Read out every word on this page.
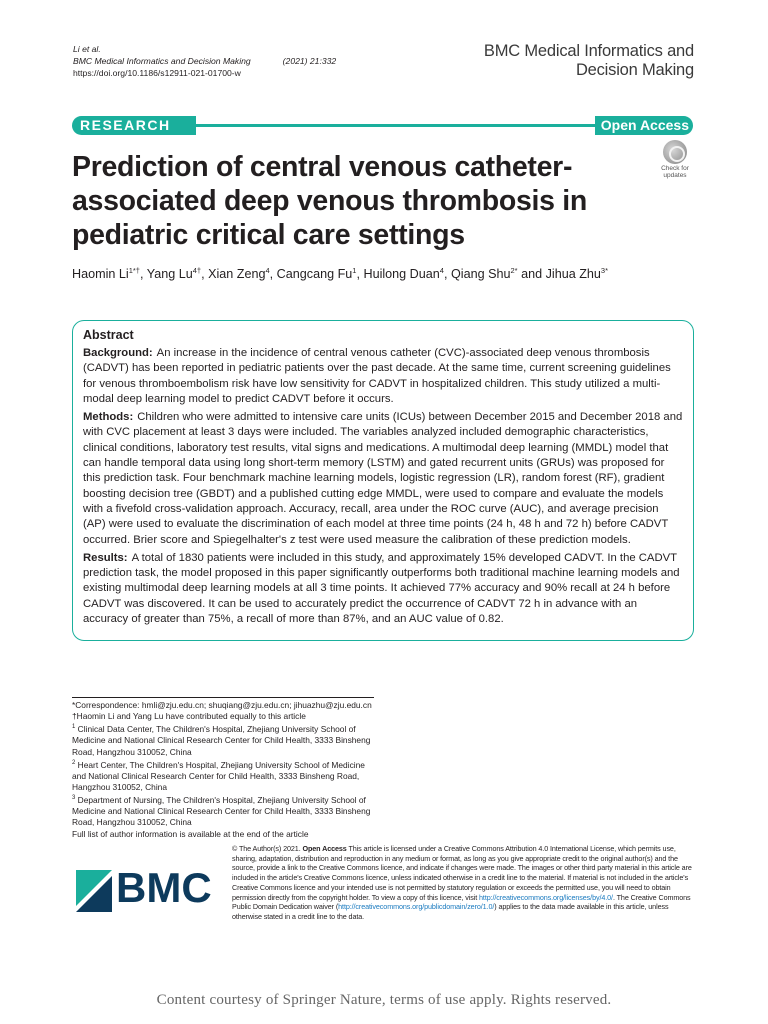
Li et al.
BMC Medical Informatics and Decision Making	(2021) 21:332
https://doi.org/10.1186/s12911-021-01700-w
BMC Medical Informatics and
Decision Making
RESEARCH	Open Access
Prediction of central venous catheter-associated deep venous thrombosis in pediatric critical care settings
Check for
updates
Haomin $Li^{1*\dagger}$, Yang $Lu^{4\dagger}$, Xian Zeng$^4$, Cangcang Fu$^1$, Huilong Duan$^4$, Qiang Shu$^{2*}$ and Jihua Zhu$^{3*}$
Abstract

Background: An increase in the incidence of central venous catheter (CVC)-associated deep venous thrombosis (CADVT) has been reported in pediatric patients over the past decade. At the same time, current screening guidelines for venous thromboembolism risk have low sensitivity for CADVT in hospitalized children. This study utilized a multi-modal deep learning model to predict CADVT before it occurs.

Methods: Children who were admitted to intensive care units (ICUs) between December 2015 and December 2018 and with CVC placement at least 3 days were included. The variables analyzed included demographic characteristics, clinical conditions, laboratory test results, vital signs and medications. A multimodal deep learning (MMDL) model that can handle temporal data using long short-term memory (LSTM) and gated recurrent units (GRUs) was proposed for this prediction task. Four benchmark machine learning models, logistic regression (LR), random forest (RF), gradient boosting decision tree (GBDT) and a published cutting edge MMDL, were used to compare and evaluate the models with a fivefold cross-validation approach. Accuracy, recall, area under the ROC curve (AUC), and average precision (AP) were used to evaluate the discrimination of each model at three time points (24 h, 48 h and 72 h) before CADVT occurred. Brier score and Spiegelhalter's z test were used measure the calibration of these prediction models.

Results: A total of 1830 patients were included in this study, and approximately 15% developed CADVT. In the CADVT prediction task, the model proposed in this paper significantly outperforms both traditional machine learning models and existing multimodal deep learning models at all 3 time points. It achieved 77% accuracy and 90% recall at 24 h before CADVT was discovered. It can be used to accurately predict the occurrence of CADVT 72 h in advance with an accuracy of greater than 75%, a recall of more than 87%, and an AUC value of 0.82.

*Correspondence: hmli@zju.edu.cn; shuqiang@zju.edu.cn; jihuazhu@zju.edu.cn
†Haomin Li and Yang Lu have contributed equally to this article
$^1$ Clinical Data Center, The Children's Hospital, Zhejiang University School of Medicine and National Clinical Research Center for Child Health, 3333 Binsheng Road, Hangzhou 310052, China
$^2$ Heart Center, The Children's Hospital, Zhejiang University School of Medicine and National Clinical Research Center for Child Health, 3333 Binsheng Road, Hangzhou 310052, China
$^3$ Department of Nursing, The Children's Hospital, Zhejiang University School of Medicine and National Clinical Research Center for Child Health, 3333 Binsheng Road, Hangzhou 310052, China
Full list of author information is available at the end of the article
BMC
© The Author(s) 2021. Open Access This article is licensed under a Creative Commons Attribution 4.0 International License, which permits use, sharing, adaptation, distribution and reproduction in any medium or format, as long as you give appropriate credit to the original author(s) and the source, provide a link to the Creative Commons licence, and indicate if changes were made. The images or other third party material in this article are included in the article's Creative Commons licence, unless indicated otherwise in a credit line to the material. If material is not included in the article's Creative Commons licence and your intended use is not permitted by statutory regulation or exceeds the permitted use, you will need to obtain permission directly from the copyright holder. To view a copy of this licence, visit http://creativecommons.org/licenses/by/4.0/. The Creative Commons Public Domain Dedication waiver (http://creativecommons.org/publicdomain/zero/1.0/) applies to the data made available in this article, unless otherwise stated in a credit line to the data.
Content courtesy of Springer Nature, terms of use apply. Rights reserved.
